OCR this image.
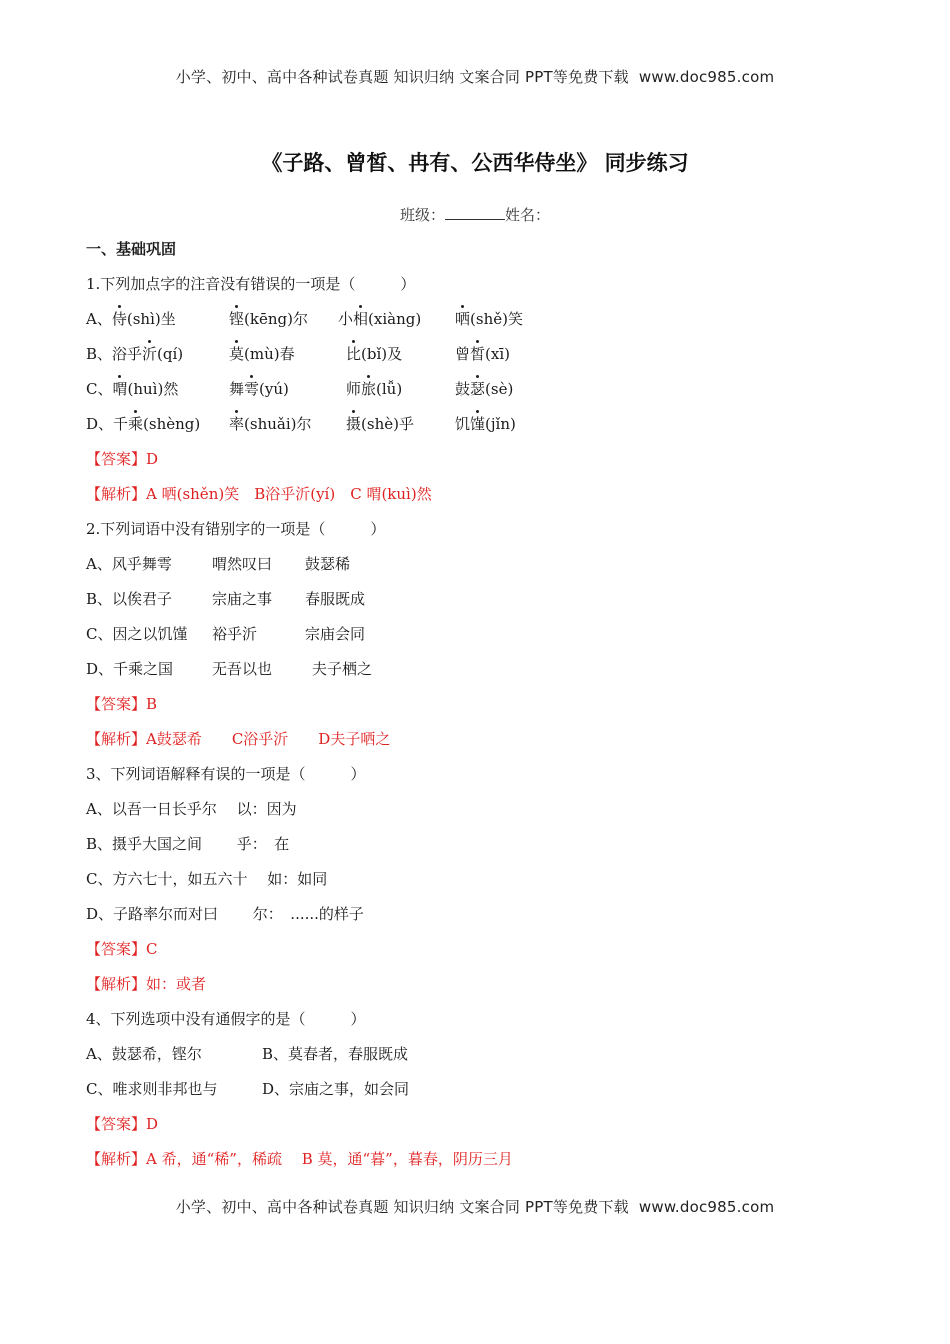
小学、初中、高中各种试卷真题 知识归纳 文案合同 PPT等免费下载 www.doc985.com
《子路、曾皙、冉有、公西华侍坐》 同步练习
班级：	姓名：
一、基础巩固
1.下列加点字的注音没有错误的一项是（　　　）
A、侍(shì)坐	铿(kēng)尔 小相(xiàng) 哂(shě)笑
B、浴乎沂(qí)	莫(mù)春	比(bǐ)及	曾皙(xī)
C、喟(huì)然	舞雩(yú)	师旅(lǚ)	鼓瑟(sè)
D、千乘(shèng) 率(shuǎi)尔 摄(shè)乎	饥馑(jǐn)
【答案】D
【解析】A 哂(shěn)笑　B浴乎沂(yí)　C 喟(kuì)然
2.下列词语中没有错别字的一项是（　　　）
A、风乎舞雩	喟然叹曰 鼓瑟稀
B、以俟君子	宗庙之事 春服既成
C、因之以饥馑 裕乎沂	宗庙会同
D、千乘之国	无吾以也	夫子栖之
【答案】B
【解析】A鼓瑟希　　C浴乎沂　　D夫子哂之
3、下列词语解释有误的一项是（　　　）
A、以吾一日长乎尔　 以：因为
B、摄乎大国之间　　 乎：　在
C、方六七十，如五六十　 如：如同
D、子路率尔而对曰　　 尔：　......的样子
【答案】C
【解析】如：或者
4、下列选项中没有通假字的是（　　　）
A、鼓瑟希，铿尔	B、莫春者，春服既成
C、唯求则非邦也与	D、宗庙之事，如会同
【答案】D
【解析】A 希，通“稀”，稀疏　 B 莫，通“暮”，暮春，阴历三月
小学、初中、高中各种试卷真题 知识归纳 文案合同 PPT等免费下载 www.doc985.com
